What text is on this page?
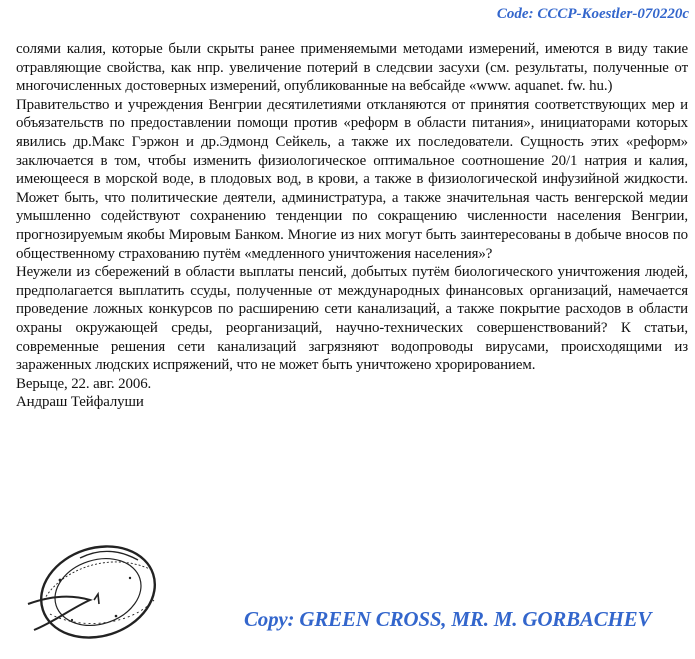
Code: CCCP-Koestler-070220c

солями калия, которые были скрыты ранее применяемыми методами измерений, имеются в виду такие отравляющие свойства, как нпр. увеличение потерий в следсвии засухи (см. результаты, полученные от многочисленных достоверных измерений, опубликованные на вебсайде «www. aquanet. fw. hu.)

Правительство и учреждения Венгрии десятилетиями откланяются от принятия соответствующих мер и объязательств по предоставлении помощи против «реформ в области питания», инициаторами которых явились др.Макс Гэржон и др.Эдмонд Сейкель, а также их последователи. Сущность этих «реформ» заключается в том, чтобы изменить физиологическое оптимальное соотношение 20/1 натрия и калия, имеющееся в морской воде, в плодовых вод, в крови, а также в физиологической инфузийной жидкости. Может быть, что политические деятели, администратура, а также значительная часть венгерской медии умышленно содействуют сохранению тенденции по сокращению численности населения Венгрии, прогнозируемым якобы Мировым Банком. Многие из них могут быть заинтересованы в добыче вносов по общественному страхованию путём «медленного уничтожения населения»?

Неужели из сбережений в области выплаты пенсий, добытых путём биологического уничтожения людей, предполагается выплатить ссуды, полученные от международных финансовых организаций, намечается проведение ложных конкурсов по расширению сети канализаций, а также покрытие расходов в области охраны окружающей среды, реорганизаций, научно-технических совершенствований? К статьи, современные решения сети канализаций загрязняют водопроводы вирусами, происходящими из зараженных людских испряжений, что не может быть уничтожено хрорированием.

Верыце, 22. авг. 2006.

Андраш Тейфалуши

Copy: GREEN CROSS, MR. M. GORBACHEV
